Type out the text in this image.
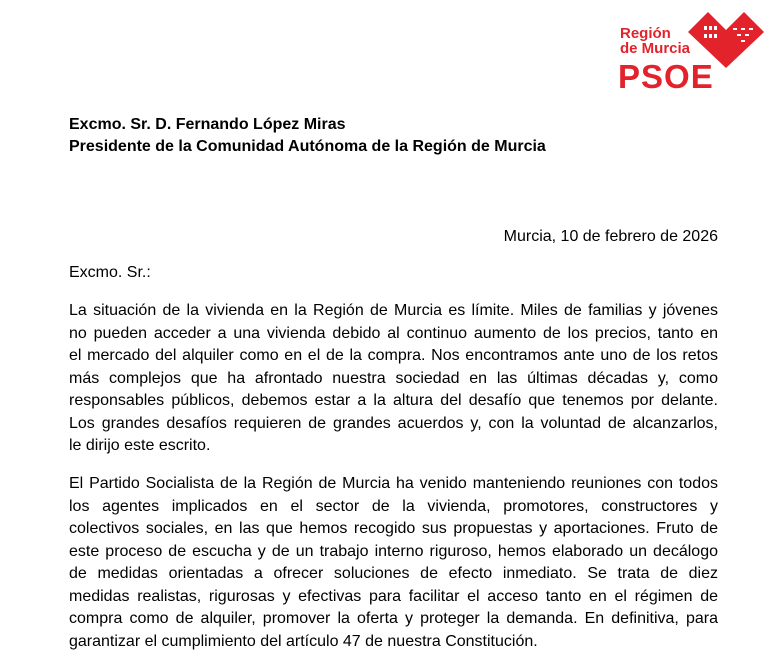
Región
de Murcia
PSOE
Excmo. Sr. D. Fernando López Miras
Presidente de la Comunidad Autónoma de la Región de Murcia
Murcia, 10 de febrero de 2026
Excmo. Sr.:
La situación de la vivienda en la Región de Murcia es límite. Miles de familias y jóvenes
no pueden acceder a una vivienda debido al continuo aumento de los precios, tanto en
el mercado del alquiler como en el de la compra. Nos encontramos ante uno de los retos
más complejos que ha afrontado nuestra sociedad en las últimas décadas y, como
responsables públicos, debemos estar a la altura del desafío que tenemos por delante.
Los grandes desafíos requieren de grandes acuerdos y, con la voluntad de alcanzarlos,
le dirijo este escrito.
El Partido Socialista de la Región de Murcia ha venido manteniendo reuniones con todos
los agentes implicados en el sector de la vivienda, promotores, constructores y
colectivos sociales, en las que hemos recogido sus propuestas y aportaciones. Fruto de
este proceso de escucha y de un trabajo interno riguroso, hemos elaborado un decálogo
de medidas orientadas a ofrecer soluciones de efecto inmediato. Se trata de diez
medidas realistas, rigurosas y efectivas para facilitar el acceso tanto en el régimen de
compra como de alquiler, promover la oferta y proteger la demanda. En definitiva, para
garantizar el cumplimiento del artículo 47 de nuestra Constitución.
